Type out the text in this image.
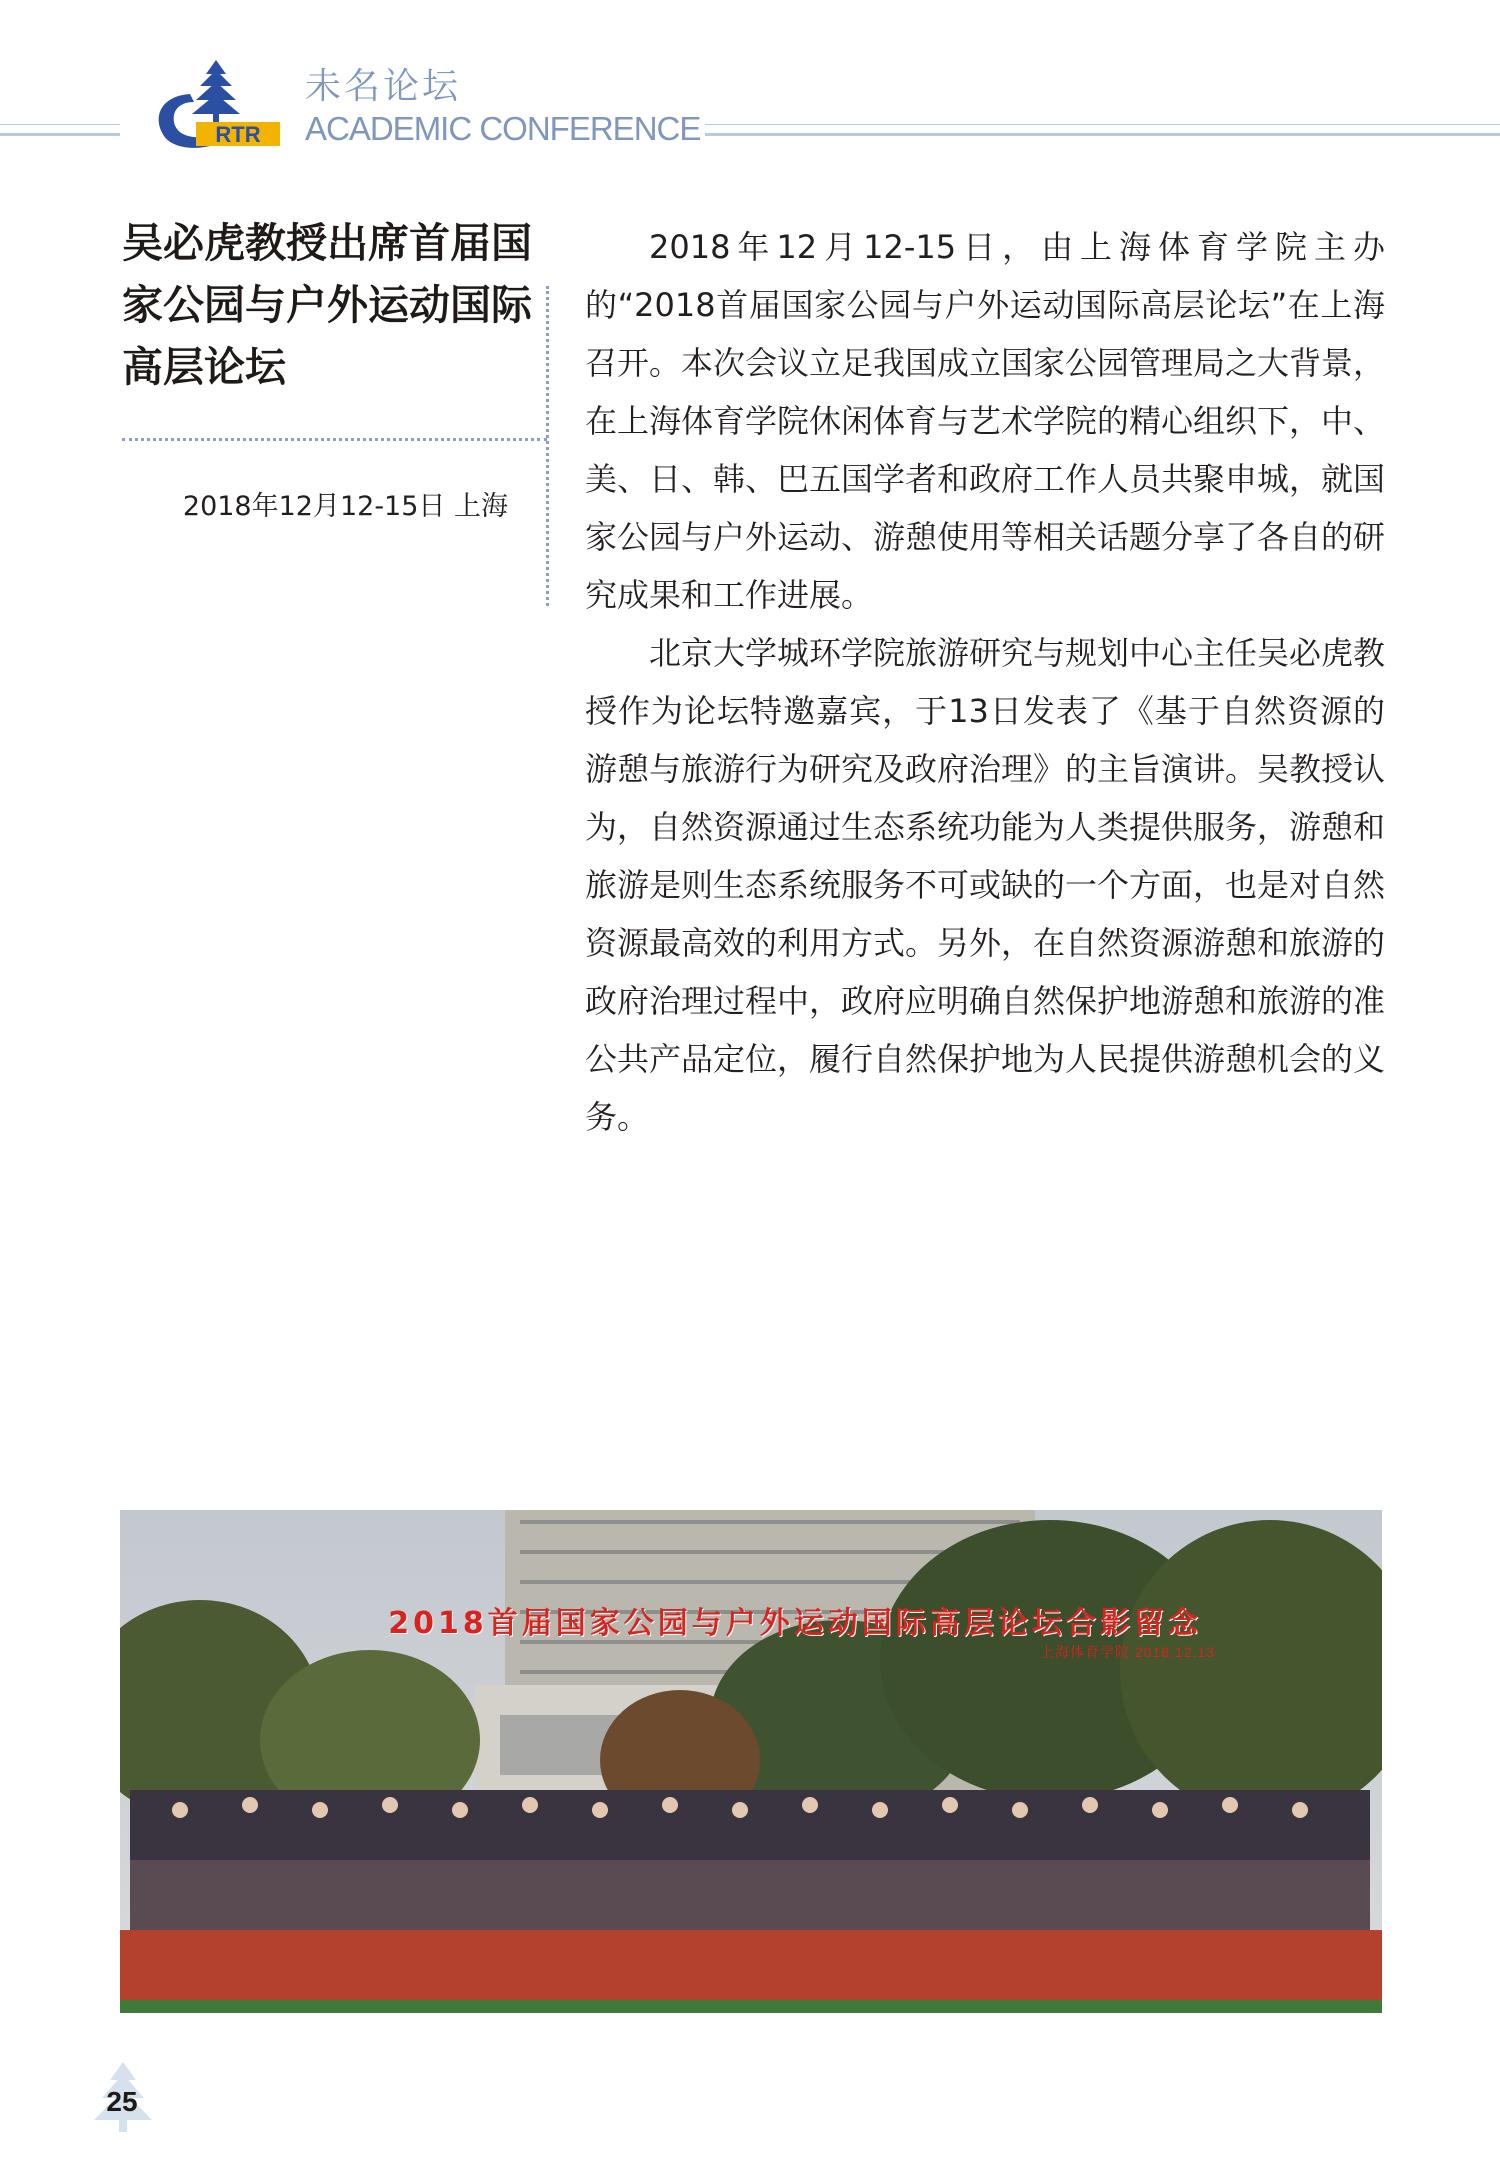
RTR
未名论坛
ACADEMIC CONFERENCE
吴必虎教授出席首届国家公园与户外运动国际高层论坛
2018年12月12-15日 上海

2018年12月12-15日，由上海体育学院主办的“2018首届国家公园与户外运动国际高层论坛”在上海召开。本次会议立足我国成立国家公园管理局之大背景，在上海体育学院休闲体育与艺术学院的精心组织下，中、美、日、韩、巴五国学者和政府工作人员共聚申城，就国家公园与户外运动、游憩使用等相关话题分享了各自的研究成果和工作进展。

北京大学城环学院旅游研究与规划中心主任吴必虎教授作为论坛特邀嘉宾，于13日发表了《基于自然资源的游憩与旅游行为研究及政府治理》的主旨演讲。吴教授认为，自然资源通过生态系统功能为人类提供服务，游憩和旅游是则生态系统服务不可或缺的一个方面，也是对自然资源最高效的利用方式。另外，在自然资源游憩和旅游的政府治理过程中，政府应明确自然保护地游憩和旅游的准公共产品定位，履行自然保护地为人民提供游憩机会的义务。

2018首届国家公园与户外运动国际高层论坛合影留念
上海体育学院 2018.12.13
25
